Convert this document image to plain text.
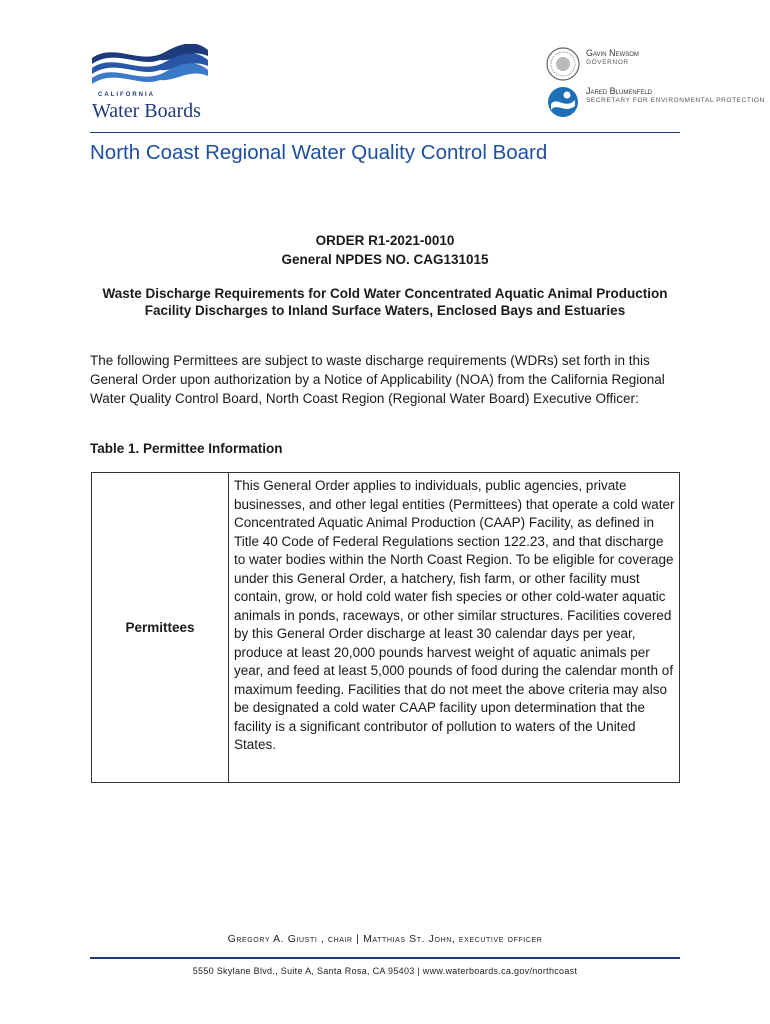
CALIFORNIA
Water Boards
Gavin Newsom
GOVERNOR
Jared Blumenfeld
SECRETARY FOR ENVIRONMENTAL PROTECTION
North Coast Regional Water Quality Control Board
ORDER R1-2021-0010
General NPDES NO. CAG131015
Waste Discharge Requirements for Cold Water Concentrated Aquatic Animal Production Facility Discharges to Inland Surface Waters, Enclosed Bays and Estuaries
The following Permittees are subject to waste discharge requirements (WDRs) set forth in this General Order upon authorization by a Notice of Applicability (NOA) from the California Regional Water Quality Control Board, North Coast Region (Regional Water Board) Executive Officer:
Table 1. Permittee Information
Permittees	This General Order applies to individuals, public agencies, private businesses, and other legal entities (Permittees) that operate a cold water Concentrated Aquatic Animal Production (CAAP) Facility, as defined in Title 40 Code of Federal Regulations section 122.23, and that discharge to water bodies within the North Coast Region. To be eligible for coverage under this General Order, a hatchery, fish farm, or other facility must contain, grow, or hold cold water fish species or other cold-water aquatic animals in ponds, raceways, or other similar structures. Facilities covered by this General Order discharge at least 30 calendar days per year, produce at least 20,000 pounds harvest weight of aquatic animals per year, and feed at least 5,000 pounds of food during the calendar month of maximum feeding. Facilities that do not meet the above criteria may also be designated a cold water CAAP facility upon determination that the facility is a significant contributor of pollution to waters of the United States.
Gregory A. Giusti , chair | Matthias St. John, executive officer
5550 Skylane Blvd., Suite A, Santa Rosa, CA 95403 | www.waterboards.ca.gov/northcoast
